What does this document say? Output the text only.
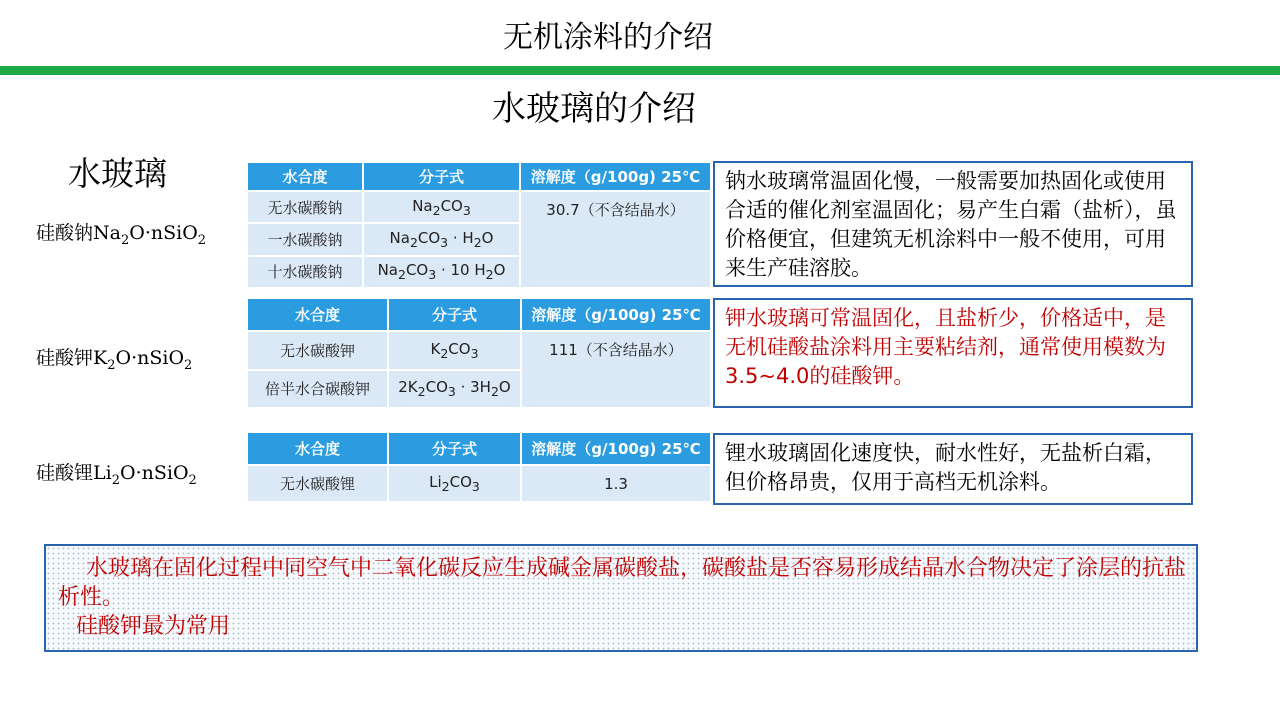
无机涂料的介绍
水玻璃的介绍
水玻璃
硅酸钠$Na_2O\cdot nSiO_2$
水合度	分子式	溶解度（g/100g) 25℃
无水碳酸钠	$Na_2CO_3$	30.7（不含结晶水）
一水碳酸钠	$Na_2CO_3 \cdot H_2O$	
十水碳酸钠	$Na_2CO_3 \cdot 10$ $H_2O$	
钠水玻璃常温固化慢，一般需要加热固化或使用合适的催化剂室温固化；易产生白霜（盐析），虽价格便宜，但建筑无机涂料中一般不使用，可用来生产硅溶胶。
硅酸钾$K_2O\cdot nSiO_2$
水合度	分子式	溶解度（g/100g) 25℃
无水碳酸钾	$K_2CO_3$	111（不含结晶水）
倍半水合碳酸钾	$2K_2CO_3 \cdot 3H_2O$	
钾水玻璃可常温固化，且盐析少，价格适中，是无机硅酸盐涂料用主要粘结剂，通常使用模数为3.5~4.0的硅酸钾。
硅酸锂$Li_2O\cdot nSiO_2$
水合度	分子式	溶解度（g/100g) 25℃
无水碳酸锂	$Li_2CO_3$	1.3
锂水玻璃固化速度快，耐水性好，无盐析白霜，但价格昂贵，仅用于高档无机涂料。

水玻璃在固化过程中同空气中二氧化碳反应生成碱金属碳酸盐，碳酸盐是否容易形成结晶水合物决定了涂层的抗盐析性。

硅酸钾最为常用
